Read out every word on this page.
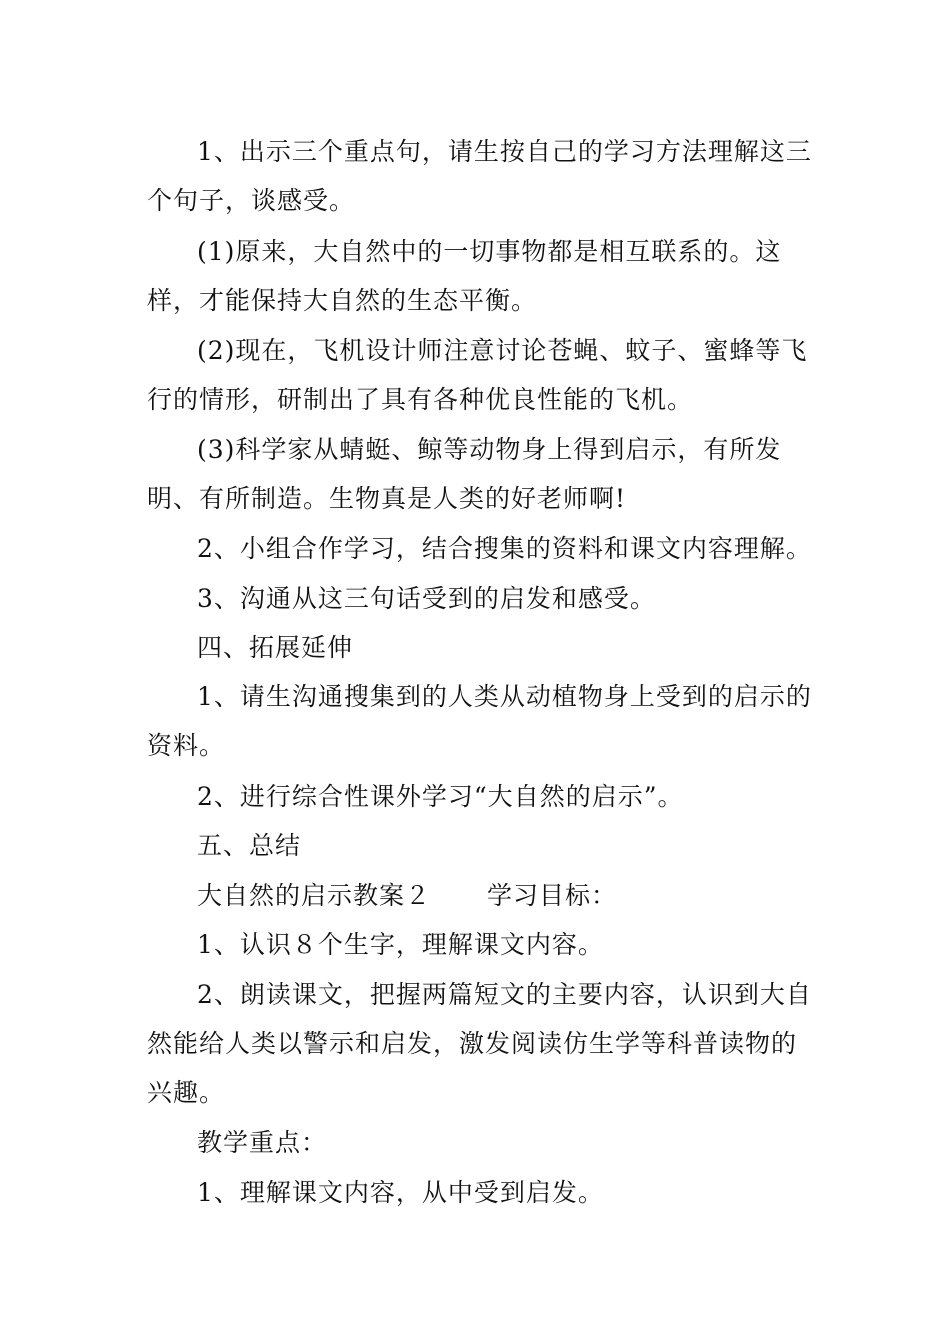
1、出示三个重点句，请生按自己的学习方法理解这三个句子，谈感受。

(1)原来，大自然中的一切事物都是相互联系的。这样，才能保持大自然的生态平衡。

(2)现在，飞机设计师注意讨论苍蝇、蚊子、蜜蜂等飞行的情形，研制出了具有各种优良性能的飞机。

(3)科学家从蜻蜓、鲸等动物身上得到启示，有所发明、有所制造。生物真是人类的好老师啊!

2、小组合作学习，结合搜集的资料和课文内容理解。

3、沟通从这三句话受到的启发和感受。

四、拓展延伸

1、请生沟通搜集到的人类从动植物身上受到的启示的资料。

2、进行综合性课外学习“大自然的启示”。

五、总结

大自然的启示教案２ 学习目标：

1、认识８个生字，理解课文内容。

2、朗读课文，把握两篇短文的主要内容，认识到大自然能给人类以警示和启发，激发阅读仿生学等科普读物的兴趣。

教学重点：

1、理解课文内容，从中受到启发。
